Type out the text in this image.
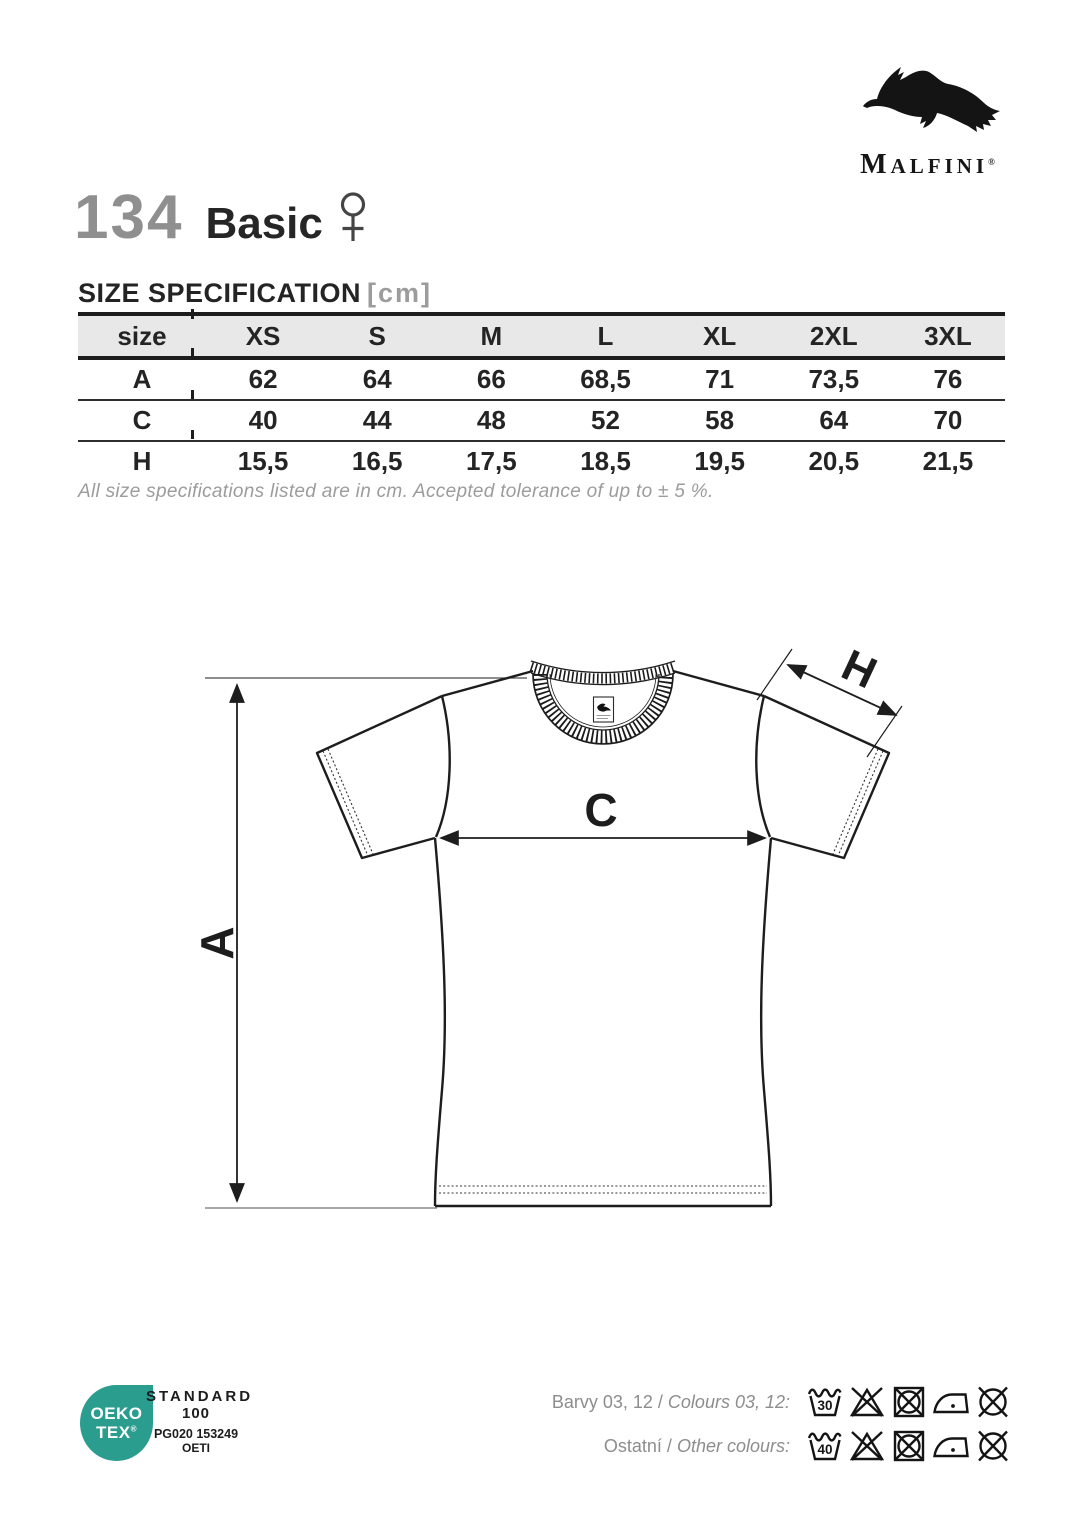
MALFINI®
134 Basic
SIZE SPECIFICATION [cm]
size	XS	S	M	L	XL	2XL	3XL
A	62	64	66	68,5	71	73,5	76
C	40	44	48	52	58	64	70
H	15,5	16,5	17,5	18,5	19,5	20,5	21,5
All size specifications listed are in cm. Accepted tolerance of up to ± 5 %.
A
C
H
OEKO
TEX®
STANDARD
100
PG020 153249
OETI
Barvy 03, 12 / Colours 03, 12:
Ostatní / Other colours:
30
40
